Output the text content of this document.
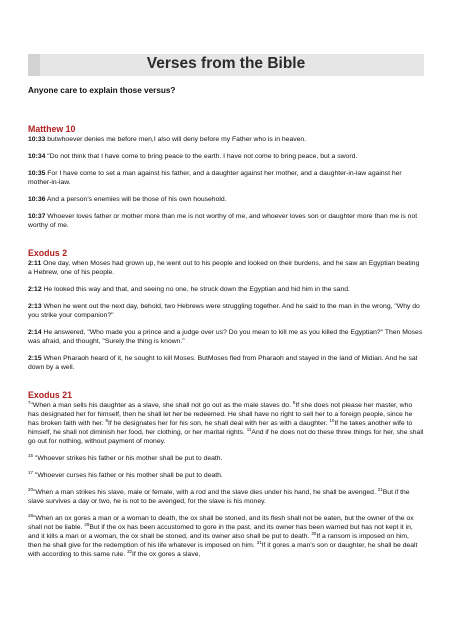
Verses from the Bible

Anyone care to explain those versus?

Matthew 10

10:33 butwhoever denies me before men,I also will deny before my Father who is in heaven.

10:34 "Do not think that I have come to bring peace to the earth. I have not come to bring peace, but a sword.

10:35 For I have come to set a man against his father, and a daughter against her mother, and a daughter-in-law against her mother-in-law.

10:36 And a person's enemies will be those of his own household.

10:37 Whoever loves father or mother more than me is not worthy of me, and whoever loves son or daughter more than me is not worthy of me.

Exodus 2

2:11 One day, when Moses had grown up, he went out to his people and looked on their burdens, and he saw an Egyptian beating a Hebrew, one of his people.

2:12 He looked this way and that, and seeing no one, he struck down the Egyptian and hid him in the sand.

2:13 When he went out the next day, behold, two Hebrews were struggling together. And he said to the man in the wrong, "Why do you strike your companion?"

2:14 He answered, "Who made you a prince and a judge over us? Do you mean to kill me as you killed the Egyptian?" Then Moses was afraid, and thought, "Surely the thing is known."

2:15 When Pharaoh heard of it, he sought to kill Moses. ButMoses fled from Pharaoh and stayed in the land of Midian. And he sat down by a well.

Exodus 21

$^7$"When a man sells his daughter as a slave, she shall not go out as the male slaves do. $^8$If she does not please her master, who has designated her for himself, then he shall let her be redeemed. He shall have no right to sell her to a foreign people, since he has broken faith with her. $^9$If he designates her for his son, he shall deal with her as with a daughter. $^{10}$If he takes another wife to himself, he shall not diminish her food, her clothing, or her marital rights. $^{11}$And if he does not do these three things for her, she shall go out for nothing, without payment of money.

$^{15}$ "Whoever strikes his father or his mother shall be put to death.

$^{17}$ "Whoever curses his father or his mother shall be put to death.

$^{20}$"When a man strikes his slave, male or female, with a rod and the slave dies under his hand, he shall be avenged. $^{21}$But if the slave survives a day or two, he is not to be avenged, for the slave is his money.

$^{28}$"When an ox gores a man or a woman to death, the ox shall be stoned, and its flesh shall not be eaten, but the owner of the ox shall not be liable. $^{29}$But if the ox has been accustomed to gore in the past, and its owner has been warned but has not kept it in, and it kills a man or a woman, the ox shall be stoned, and its owner also shall be put to death. $^{30}$If a ransom is imposed on him, then he shall give for the redemption of his life whatever is imposed on him. $^{31}$If it gores a man's son or daughter, he shall be dealt with according to this same rule. $^{32}$If the ox gores a slave,
